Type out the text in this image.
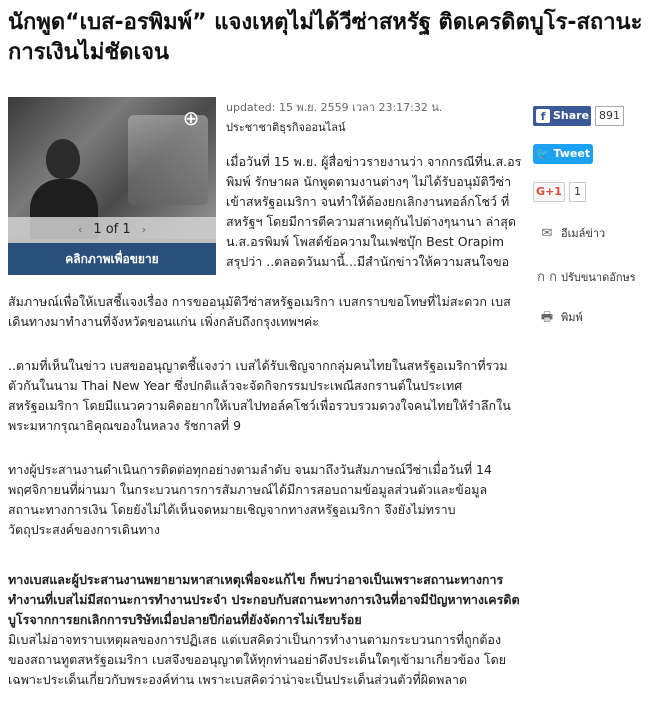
นักพูด“เบส-อรพิมพ์” แจงเหตุไม่ได้วีซ่าสหรัฐ ติดเครดิตบูโร-สถานะการเงินไม่ชัดเจน
⊕
‹ 1 of 1 ›
คลิกภาพเพื่อขยาย
updated: 15 พ.ย. 2559 เวลา 23:17:32 น.
ประชาชาติธุรกิจออนไลน์

เมื่อวันที่ 15 พ.ย. ผู้สื่อข่าวรายงานว่า จากกรณีที่น.ส.อรพิมพ์ รักษาผล นักพูดตามงานต่างๆ ไม่ได้รับอนุมัติวีซ่าเข้าสหรัฐอเมริกา จนทำให้ต้องยกเลิกงานทอล์กโชว์ ที่สหรัฐฯ โดยมีการตีความสาเหตุกันไปต่างๆนานา ล่าสุด น.ส.อรพิมพ์ โพสต์ข้อความในเฟซบุ๊ก Best Orapim สรุปว่า ..ตลอดวันมานี้...มีสำนักข่าวให้ความสนใจขอ

สัมภาษณ์เพื่อให้เบสชี้แจงเรื่อง การขออนุมัติวีซ่าสหรัฐอเมริกา เบสกราบขอโทษที่ไม่สะดวก เบสเดินทางมาทำงานที่จังหวัดขอนแก่น เพิ่งกลับถึงกรุงเทพฯค่ะ

..ตามที่เห็นในข่าว เบสขออนุญาตชี้แจงว่า เบสได้รับเชิญจากกลุ่มคนไทยในสหรัฐอเมริกาที่รวมตัวกันในนาม Thai New Year ซึ่งปกติแล้วจะจัดกิจกรรมประเพณีสงกรานต์ในประเทศสหรัฐอเมริกา โดยมีแนวความคิดอยากให้เบสไปทอล์คโชว์เพื่อรวบรวมดวงใจคนไทยให้รำลึกในพระมหากรุณาธิคุณของในหลวง รัชกาลที่ 9

ทางผู้ประสานงานดำเนินการติดต่อทุกอย่างตามลำดับ จนมาถึงวันสัมภาษณ์วีซ่าเมื่อวันที่ 14 พฤศจิกายนที่ผ่านมา ในกระบวนการการสัมภาษณ์ได้มีการสอบถามข้อมูลส่วนตัวและข้อมูลสถานะทางการเงิน โดยยังไม่ได้เห็นจดหมายเชิญจากทางสหรัฐอเมริกา จึงยังไม่ทราบวัตถุประสงค์ของการเดินทาง

ทางเบสและผู้ประสานงานพยายามหาสาเหตุเพื่อจะแก้ไข ก็พบว่าอาจเป็นเพราะสถานะทางการทำงานที่เบสไม่มีสถานะการทำงานประจำ ประกอบกับสถานะทางการเงินที่อาจมีปัญหาทางเครดิตบูโรจากการยกเลิกการบริษัทเมื่อปลายปีก่อนที่ยังจัดการไม่เรียบร้อย

มิเบสไม่อาจทราบเหตุผลของการปฏิเสธ แต่เบสคิดว่าเป็นการทำงานตามกระบวนการที่ถูกต้องของสถานทูตสหรัฐอเมริกา เบสจึงขออนุญาตให้ทุกท่านอย่าดึงประเด็นใดๆเข้ามาเกี่ยวข้อง โดยเฉพาะประเด็นเกี่ยวกับพระองค์ท่าน เพราะเบสคิดว่าน่าจะเป็นประเด็นส่วนตัวที่ผิดพลาด

f Share 891
🐦 Tweet
G+1	1
✉ อีเมล์ข่าว
ก ก ปรับขนาดอักษร
🖶 พิมพ์
